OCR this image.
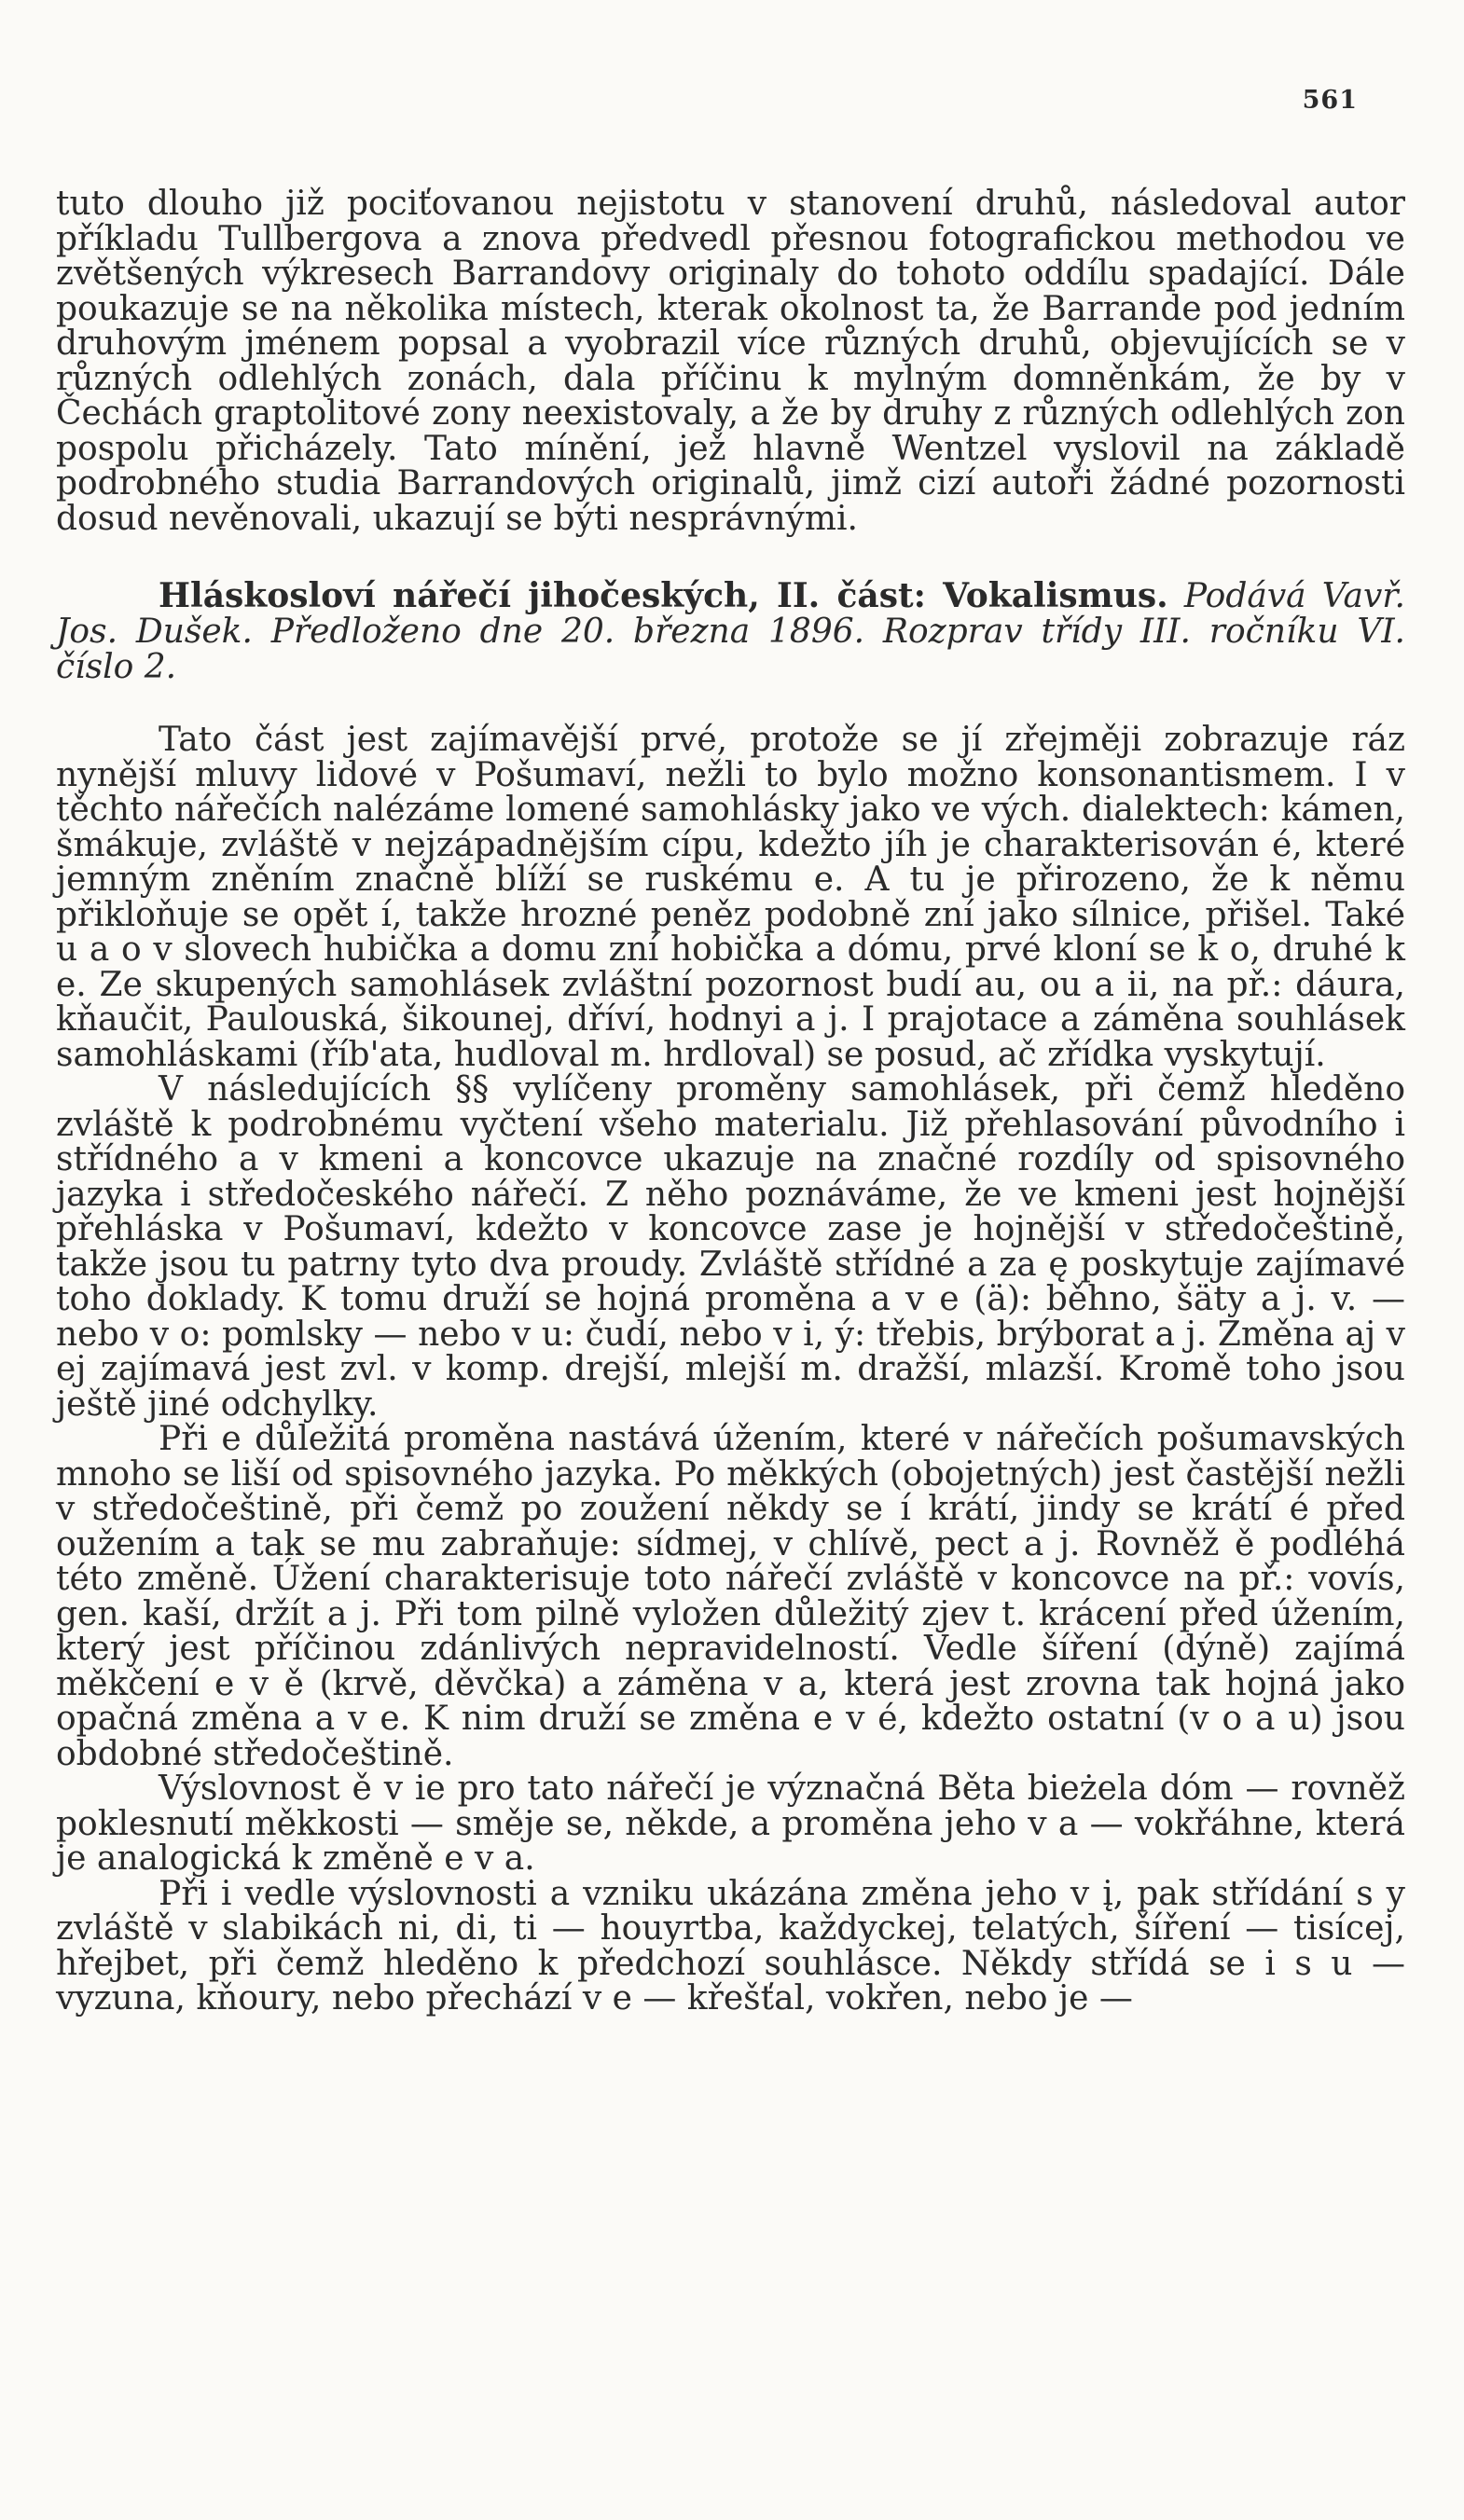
561

tuto dlouho již pociťovanou nejistotu v stanovení druhů, následoval autor příkladu Tullbergova a znova předvedl přesnou fotografickou methodou ve zvětšených výkresech Barrandovy originaly do tohoto oddílu spadající. Dále poukazuje se na několika místech, kterak okolnost ta, že Barrande pod jedním druhovým jménem popsal a vyobrazil více různých druhů, objevujících se v různých odlehlých zonách, dala příčinu k mylným domněnkám, že by v Čechách graptolitové zony neexistovaly, a že by druhy z různých odlehlých zon pospolu přicházely. Tato mínění, jež hlavně Wentzel vyslovil na základě podrobného studia Barrandových originalů, jimž cizí autoři žádné pozornosti dosud nevěnovali, ukazují se býti nesprávnými.

Hláskosloví nářečí jihočeských, II. část: Vokalismus. Podává Vavř. Jos. Dušek. Předloženo dne 20. března 1896. Rozprav třídy III. ročníku VI. číslo 2.

Tato část jest zajímavější prvé, protože se jí zřejměji zobrazuje ráz nynější mluvy lidové v Pošumaví, nežli to bylo možno konsonantismem. I v těchto nářečích nalézáme lomené samohlásky jako ve vých. dialektech: kámen, šmákuje, zvláště v nejzápadnějším cípu, kdežto jíh je charakterisován é, které jemným zněním značně blíží se ruskému e. A tu je přirozeno, že k němu přikloňuje se opět í, takže hrozné peněz podobně zní jako sílnice, přišel. Také u a o v slovech hubička a domu zní hobička a dómu, prvé kloní se k o, druhé k e. Ze skupených samohlásek zvláštní pozornost budí au, ou a ii, na př.: dáura, kňaučit, Paulouská, šikounej, dříví, hodnyi a j. I prajotace a záměna souhlásek samohláskami (říb'ata, hudloval m. hrdloval) se posud, ač zřídka vyskytují.

V následujících §§ vylíčeny proměny samohlásek, při čemž hleděno zvláště k podrobnému vyčtení všeho materialu. Již přehlasování původního i střídného a v kmeni a koncovce ukazuje na značné rozdíly od spisovného jazyka i středočeského nářečí. Z něho poznáváme, že ve kmeni jest hojnější přehláska v Pošumaví, kdežto v koncovce zase je hojnější v středočeštině, takže jsou tu patrny tyto dva proudy. Zvláště střídné a za ę poskytuje zajímavé toho doklady. K tomu druží se hojná proměna a v e (ä): běhno, šäty a j. v. — nebo v o: pomlsky — nebo v u: čudí, nebo v i, ý: třebis, brýborat a j. Změna aj v ej zajímavá jest zvl. v komp. drejší, mlejší m. dražší, mlazší. Kromě toho jsou ještě jiné odchylky.

Při e důležitá proměna nastává úžením, které v nářečích pošumavských mnoho se liší od spisovného jazyka. Po měkkých (obojetných) jest častější nežli v středočeštině, při čemž po zoužení někdy se í krátí, jindy se krátí é před oužením a tak se mu zabraňuje: sídmej, v chlívě, pect a j. Rovněž ě podléhá této změně. Úžení charakterisuje toto nářečí zvláště v koncovce na př.: vovís, gen. kaší, držít a j. Při tom pilně vyložen důležitý zjev t. krácení před úžením, který jest příčinou zdánlivých nepravidelností. Vedle šíření (dýně) zajímá měkčení e v ě (krvě, děvčka) a záměna v a, která jest zrovna tak hojná jako opačná změna a v e. K nim druží se změna e v é, kdežto ostatní (v o a u) jsou obdobné středočeštině.

Výslovnost ě v ie pro tato nářečí je význačná Běta bieżela dóm — rovněž poklesnutí měkkosti — směje se, někde, a proměna jeho v a — vokřáhne, která je analogická k změně e v a.

Při i vedle výslovnosti a vzniku ukázána změna jeho v į, pak střídání s y zvláště v slabikách ni, di, ti — houyrtba, každyckej, telatých, šíření — tisícej, hřejbet, při čemž hleděno k předchozí souhlásce. Někdy střídá se i s u — vyzuna, kňoury, nebo přechází v e — křešťal, vokřen, nebo je —
